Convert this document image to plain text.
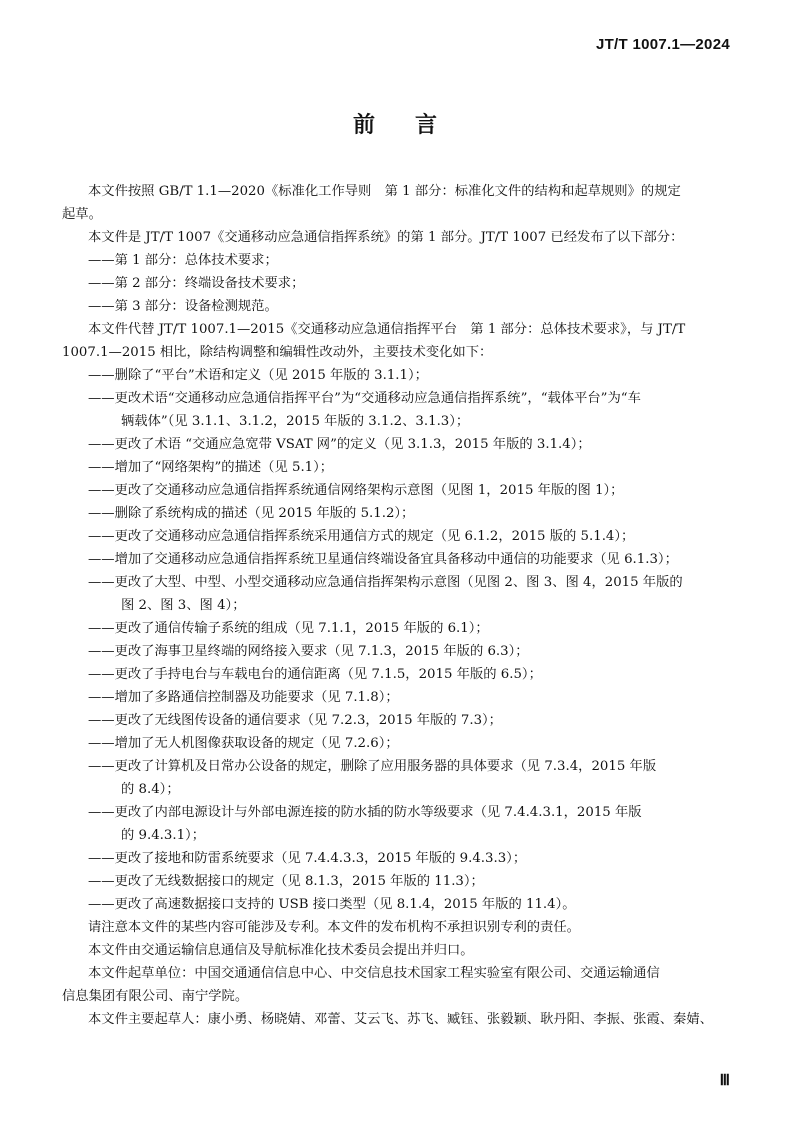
JT/T 1007.1—2024
前言
本文件按照 GB/T 1.1—2020《标准化工作导则　第 1 部分：标准化文件的结构和起草规则》的规定
起草。
本文件是 JT/T 1007《交通移动应急通信指挥系统》的第 1 部分。JT/T 1007 已经发布了以下部分：
——第 1 部分：总体技术要求；
——第 2 部分：终端设备技术要求；
——第 3 部分：设备检测规范。
本文件代替 JT/T 1007.1—2015《交通移动应急通信指挥平台　第 1 部分：总体技术要求》，与 JT/T
1007.1—2015 相比，除结构调整和编辑性改动外，主要技术变化如下：
——删除了“平台”术语和定义（见 2015 年版的 3.1.1）；
——更改术语“交通移动应急通信指挥平台”为“交通移动应急通信指挥系统”，“载体平台”为“车
辆载体”（见 3.1.1、3.1.2，2015 年版的 3.1.2、3.1.3）；
——更改了术语 “交通应急宽带 VSAT 网”的定义（见 3.1.3，2015 年版的 3.1.4）；
——增加了“网络架构”的描述（见 5.1）；
——更改了交通移动应急通信指挥系统通信网络架构示意图（见图 1，2015 年版的图 1）；
——删除了系统构成的描述（见 2015 年版的 5.1.2）；
——更改了交通移动应急通信指挥系统采用通信方式的规定（见 6.1.2，2015 版的 5.1.4）；
——增加了交通移动应急通信指挥系统卫星通信终端设备宜具备移动中通信的功能要求（见 6.1.3）；
——更改了大型、中型、小型交通移动应急通信指挥架构示意图（见图 2、图 3、图 4，2015 年版的
图 2、图 3、图 4）；
——更改了通信传输子系统的组成（见 7.1.1，2015 年版的 6.1）；
——更改了海事卫星终端的网络接入要求（见 7.1.3，2015 年版的 6.3）；
——更改了手持电台与车载电台的通信距离（见 7.1.5，2015 年版的 6.5）；
——增加了多路通信控制器及功能要求（见 7.1.8）；
——更改了无线图传设备的通信要求（见 7.2.3，2015 年版的 7.3）；
——增加了无人机图像获取设备的规定（见 7.2.6）；
——更改了计算机及日常办公设备的规定，删除了应用服务器的具体要求（见 7.3.4，2015 年版
的 8.4）；
——更改了内部电源设计与外部电源连接的防水插的防水等级要求（见 7.4.4.3.1，2015 年版
的 9.4.3.1）；
——更改了接地和防雷系统要求（见 7.4.4.3.3，2015 年版的 9.4.3.3）；
——更改了无线数据接口的规定（见 8.1.3，2015 年版的 11.3）；
——更改了高速数据接口支持的 USB 接口类型（见 8.1.4，2015 年版的 11.4）。
请注意本文件的某些内容可能涉及专利。本文件的发布机构不承担识别专利的责任。
本文件由交通运输信息通信及导航标准化技术委员会提出并归口。
本文件起草单位：中国交通通信信息中心、中交信息技术国家工程实验室有限公司、交通运输通信
信息集团有限公司、南宁学院。
本文件主要起草人：康小勇、杨晓婧、邓蕾、艾云飞、苏飞、臧钰、张毅颖、耿丹阳、李振、张霞、秦婧、
Ⅲ
